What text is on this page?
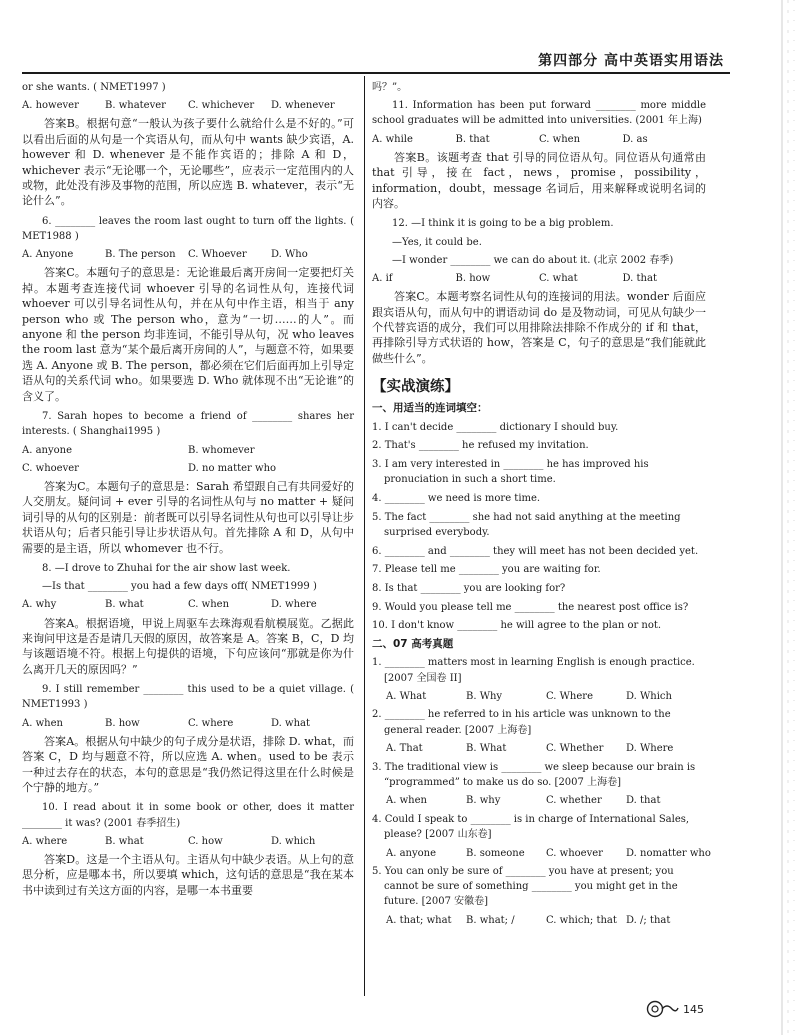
第四部分 高中英语实用语法
or she wants. ( NMET1997 )
A. however	B. whatever	C. whichever	D. whenever
答案B。根据句意“一般认为孩子要什么就给什么是不好的。”可以看出后面的从句是一个宾语从句，而从句中 wants 缺少宾语，A. however 和 D. whenever 是不能作宾语的；排除 A 和 D，whichever 表示“无论哪一个，无论哪些”，应表示一定范围内的人或物，此处没有涉及事物的范围，所以应选 B. whatever，表示“无论什么”。
6. ________ leaves the room last ought to turn off the lights. ( MET1988 )
A. Anyone	B. The person	C. Whoever	D. Who
答案C。本题句子的意思是：无论谁最后离开房间一定要把灯关掉。本题考查连接代词 whoever 引导的名词性从句，连接代词 whoever 可以引导名词性从句，并在从句中作主语，相当于 any person who 或 The person who，意为“一切……的人”。而 anyone 和 the person 均非连词，不能引导从句，况 who leaves the room last 意为“某个最后离开房间的人”，与题意不符，如果要选 A. Anyone 或 B. The person，都必须在它们后面再加上引导定语从句的关系代词 who。如果要选 D. Who 就体现不出“无论谁”的含义了。
7. Sarah hopes to become a friend of ________ shares her interests. ( Shanghai1995 )
A. anyone	B. whomever
C. whoever	D. no matter who
答案为C。本题句子的意思是：Sarah 希望跟自己有共同爱好的人交朋友。疑问词 + ever 引导的名词性从句与 no matter + 疑问词引导的从句的区别是：前者既可以引导名词性从句也可以引导让步状语从句；后者只能引导让步状语从句。首先排除 A 和 D，从句中需要的是主语，所以 whomever 也不行。
8. —I drove to Zhuhai for the air show last week.
—Is that ________ you had a few days off( NMET1999 )
A. why	B. what	C. when	D. where
答案A。根据语境，甲说上周驱车去珠海观看航模展览。乙据此来询问甲这是否是请几天假的原因，故答案是 A。答案 B，C，D 均与该题语境不符。根据上句提供的语境，下句应该问“那就是你为什么离开几天的原因吗？”
9. I still remember ________ this used to be a quiet village. ( NMET1993 )
A. when	B. how	C. where	D. what
答案A。根据从句中缺少的句子成分是状语，排除 D. what，而答案 C，D 均与题意不符，所以应选 A. when。used to be 表示一种过去存在的状态，本句的意思是“我仍然记得这里在什么时候是个宁静的地方。”
10. I read about it in some book or other, does it matter ________ it was? (2001 春季招生)
A. where	B. what	C. how	D. which
答案D。这是一个主语从句。主语从句中缺少表语。从上句的意思分析，应是哪本书，所以要填 which，这句话的意思是“我在某本书中读到过有关这方面的内容，是哪一本书重要
吗？”。
11. Information has been put forward ________ more middle school graduates will be admitted into universities. (2001 年上海)
A. while	B. that	C. when	D. as
答案B。该题考查 that 引导的同位语从句。同位语从句通常由 that 引导，接在 fact，news，promise，possibility，information，doubt，message 名词后，用来解释或说明名词的内容。
12. —I think it is going to be a big problem.
—Yes, it could be.
—I wonder ________ we can do about it. (北京 2002 春季)
A. if	B. how	C. what	D. that
答案C。本题考察名词性从句的连接词的用法。wonder 后面应跟宾语从句，而从句中的谓语动词 do 是及物动词，可见从句缺少一个代替宾语的成分，我们可以用排除法排除不作成分的 if 和 that，再排除引导方式状语的 how，答案是 C，句子的意思是“我们能就此做些什么”。
【实战演练】
一、用适当的连词填空：
1. I can't decide ________ dictionary I should buy.
2. That's ________ he refused my invitation.
3. I am very interested in ________ he has improved his pronuciation in such a short time.
4. ________ we need is more time.
5. The fact ________ she had not said anything at the meeting surprised everybody.
6. ________ and ________ they will meet has not been decided yet.
7. Please tell me ________ you are waiting for.
8. Is that ________ you are looking for?
9. Would you please tell me ________ the nearest post office is?
10. I don't know ________ he will agree to the plan or not.
二、07 高考真题
1. ________ matters most in learning English is enough practice. [2007 全国卷 II]
A. What	B. Why	C. Where	D. Which
2. ________ he referred to in his article was unknown to the general reader. [2007 上海卷]
A. That	B. What	C. Whether	D. Where
3. The traditional view is ________ we sleep because our brain is “programmed” to make us do so. [2007 上海卷]
A. when	B. why	C. whether	D. that
4. Could I speak to ________ is in charge of International Sales, please? [2007 山东卷]
A. anyone	B. someone	C. whoever	D. nomatter who
5. You can only be sure of ________ you have at present; you cannot be sure of something ________ you might get in the future. [2007 安徽卷]
A. that; what	B. what; /	C. which; that D. /; that
145
